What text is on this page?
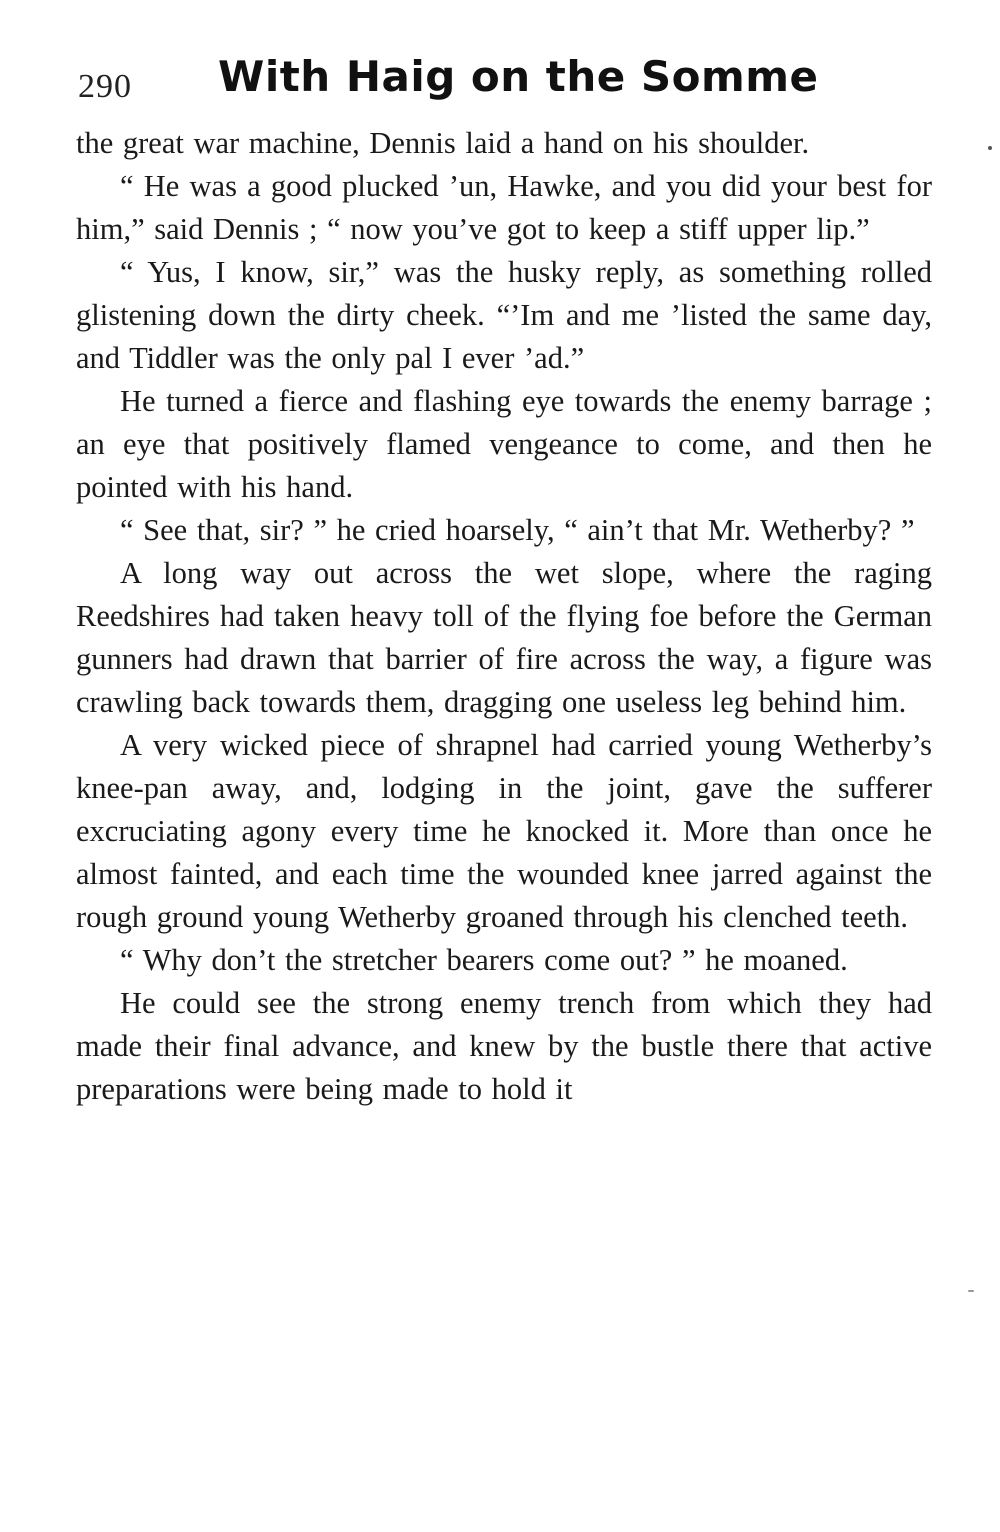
290 With Haig on the Somme

the great war machine, Dennis laid a hand on his shoulder.

“ He was a good plucked ’un, Hawke, and you did your best for him,” said Dennis ; “ now you’ve got to keep a stiff upper lip.”

“ Yus, I know, sir,” was the husky reply, as something rolled glistening down the dirty cheek. “’Im and me ’listed the same day, and Tiddler was the only pal I ever ’ad.”

He turned a fierce and flashing eye towards the enemy barrage ; an eye that positively flamed vengeance to come, and then he pointed with his hand.

“ See that, sir? ” he cried hoarsely, “ ain’t that Mr. Wetherby? ”

A long way out across the wet slope, where the raging Reedshires had taken heavy toll of the flying foe before the German gunners had drawn that barrier of fire across the way, a figure was crawling back towards them, dragging one useless leg behind him.

A very wicked piece of shrapnel had carried young Wetherby’s knee-pan away, and, lodging in the joint, gave the sufferer excruciating agony every time he knocked it. More than once he almost fainted, and each time the wounded knee jarred against the rough ground young Wetherby groaned through his clenched teeth.

“ Why don’t the stretcher bearers come out? ” he moaned.

He could see the strong enemy trench from which they had made their final advance, and knew by the bustle there that active preparations were being made to hold it
